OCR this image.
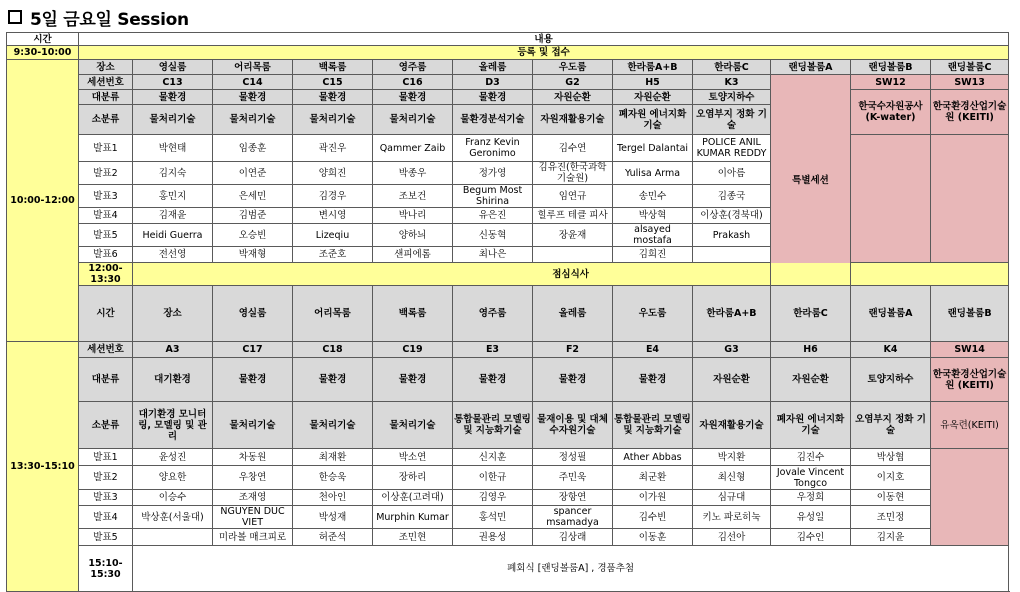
5일 금요일 Session
시간	내용												
9:30-10:00	등록 및 접수												
10:00-12:00	장소	영실룸	어리목룸	백록룸	영주룸	올레룸	우도룸	한라룸A+B	한라룸C	랜딩볼룸A	랜딩볼룸B	랜딩볼룸C	
	세션번호	C13	C14	C15	C16	D3	G2	H5	K3	특별세션	SW12	SW13	
	대분류	물환경	물환경	물환경	물환경	물환경	자원순환	자원순환	토양지하수		한국수자원공사 (K-water)	한국환경산업기술원 (KEITI)	
	소분류	물처리기술	물처리기술	물처리기술	물처리기술	물환경분석기술	자원재활용기술	폐자원 에너지화 기술	오염부지 정화 기술				
	발표1	박현태	임종훈	곽진우	Qammer Zaib	Franz Kevin Geronimo	김수연	Tergel Dalantai	POLICE ANIL KUMAR REDDY				
	발표2	김지숙	이연준	양희진	박종우	정가영	김유진(한국과학기술원)	Yulisa Arma	이아름				
	발표3	홍민지	은세민	김경우	조보건	Begum Most Shirina	임연규	송민수	김종국				
	발표4	김재윤	김범준	변시영	박나리	유은진	힐루프 테클 피사	박상혁	이상훈(경북대)				
	발표5	Heidi Guerra	오승빈	Lizeqiu	양하늬	신동혁	장윤재	alsayed mostafa	Prakash				
	발표6	전선영	박재형	조준호	샌피에롬	최나은		김희진					
	12:00-13:30	점심식사											
	시간	장소	영실룸	어리목룸	백록룸	영주룸	올레룸	우도룸	한라룸A+B	한라룸C	랜딩볼룸A	랜딩볼룸B	
13:30-15:10	세션번호	A3	C17	C18	C19	E3	F2	E4	G3	H6	K4	SW14	
	대분류	대기환경	물환경	물환경	물환경	물환경	물환경	물환경	자원순환	자원순환	토양지하수	한국환경산업기술원 (KEITI)	
	소분류	대기환경 모니터링, 모델링 및 관리	물처리기술	물처리기술	물처리기술	통합물관리 모델링 및 지능화기술	물재이용 및 대체수자원기술	통합물관리 모델링 및 지능화기술	자원재활용기술	폐자원 에너지화 기술	오염부지 정화 기술	유옥련(KEITI)	
	발표1	윤성진	차동원	최재환	박소연	신지훈	정성필	Ather Abbas	박지환	김진수	박상협		
	발표2	양요한	우창연	한승욱	장하리	이한규	주민욱	최군환	최신형	Jovale Vincent Tongco	이지호		
	발표3	이승수	조재영	천아인	이상훈(고려대)	김영우	장항연	이가원	심규대	우정희	이동현		
	발표4	박상훈(서울대)	NGUYEN DUC VIET	박성재	Murphin Kumar	홍석민	spancer msamadya	김수빈	키노 파로히눅	유성일	조민정		
	발표5		미라볼 매크피로	허준석	조민현	권용성	김상래	이동훈	김선아	김수인	김지윤		
	15:10-15:30	폐회식 [랜딩볼룸A] , 경품추첨											
